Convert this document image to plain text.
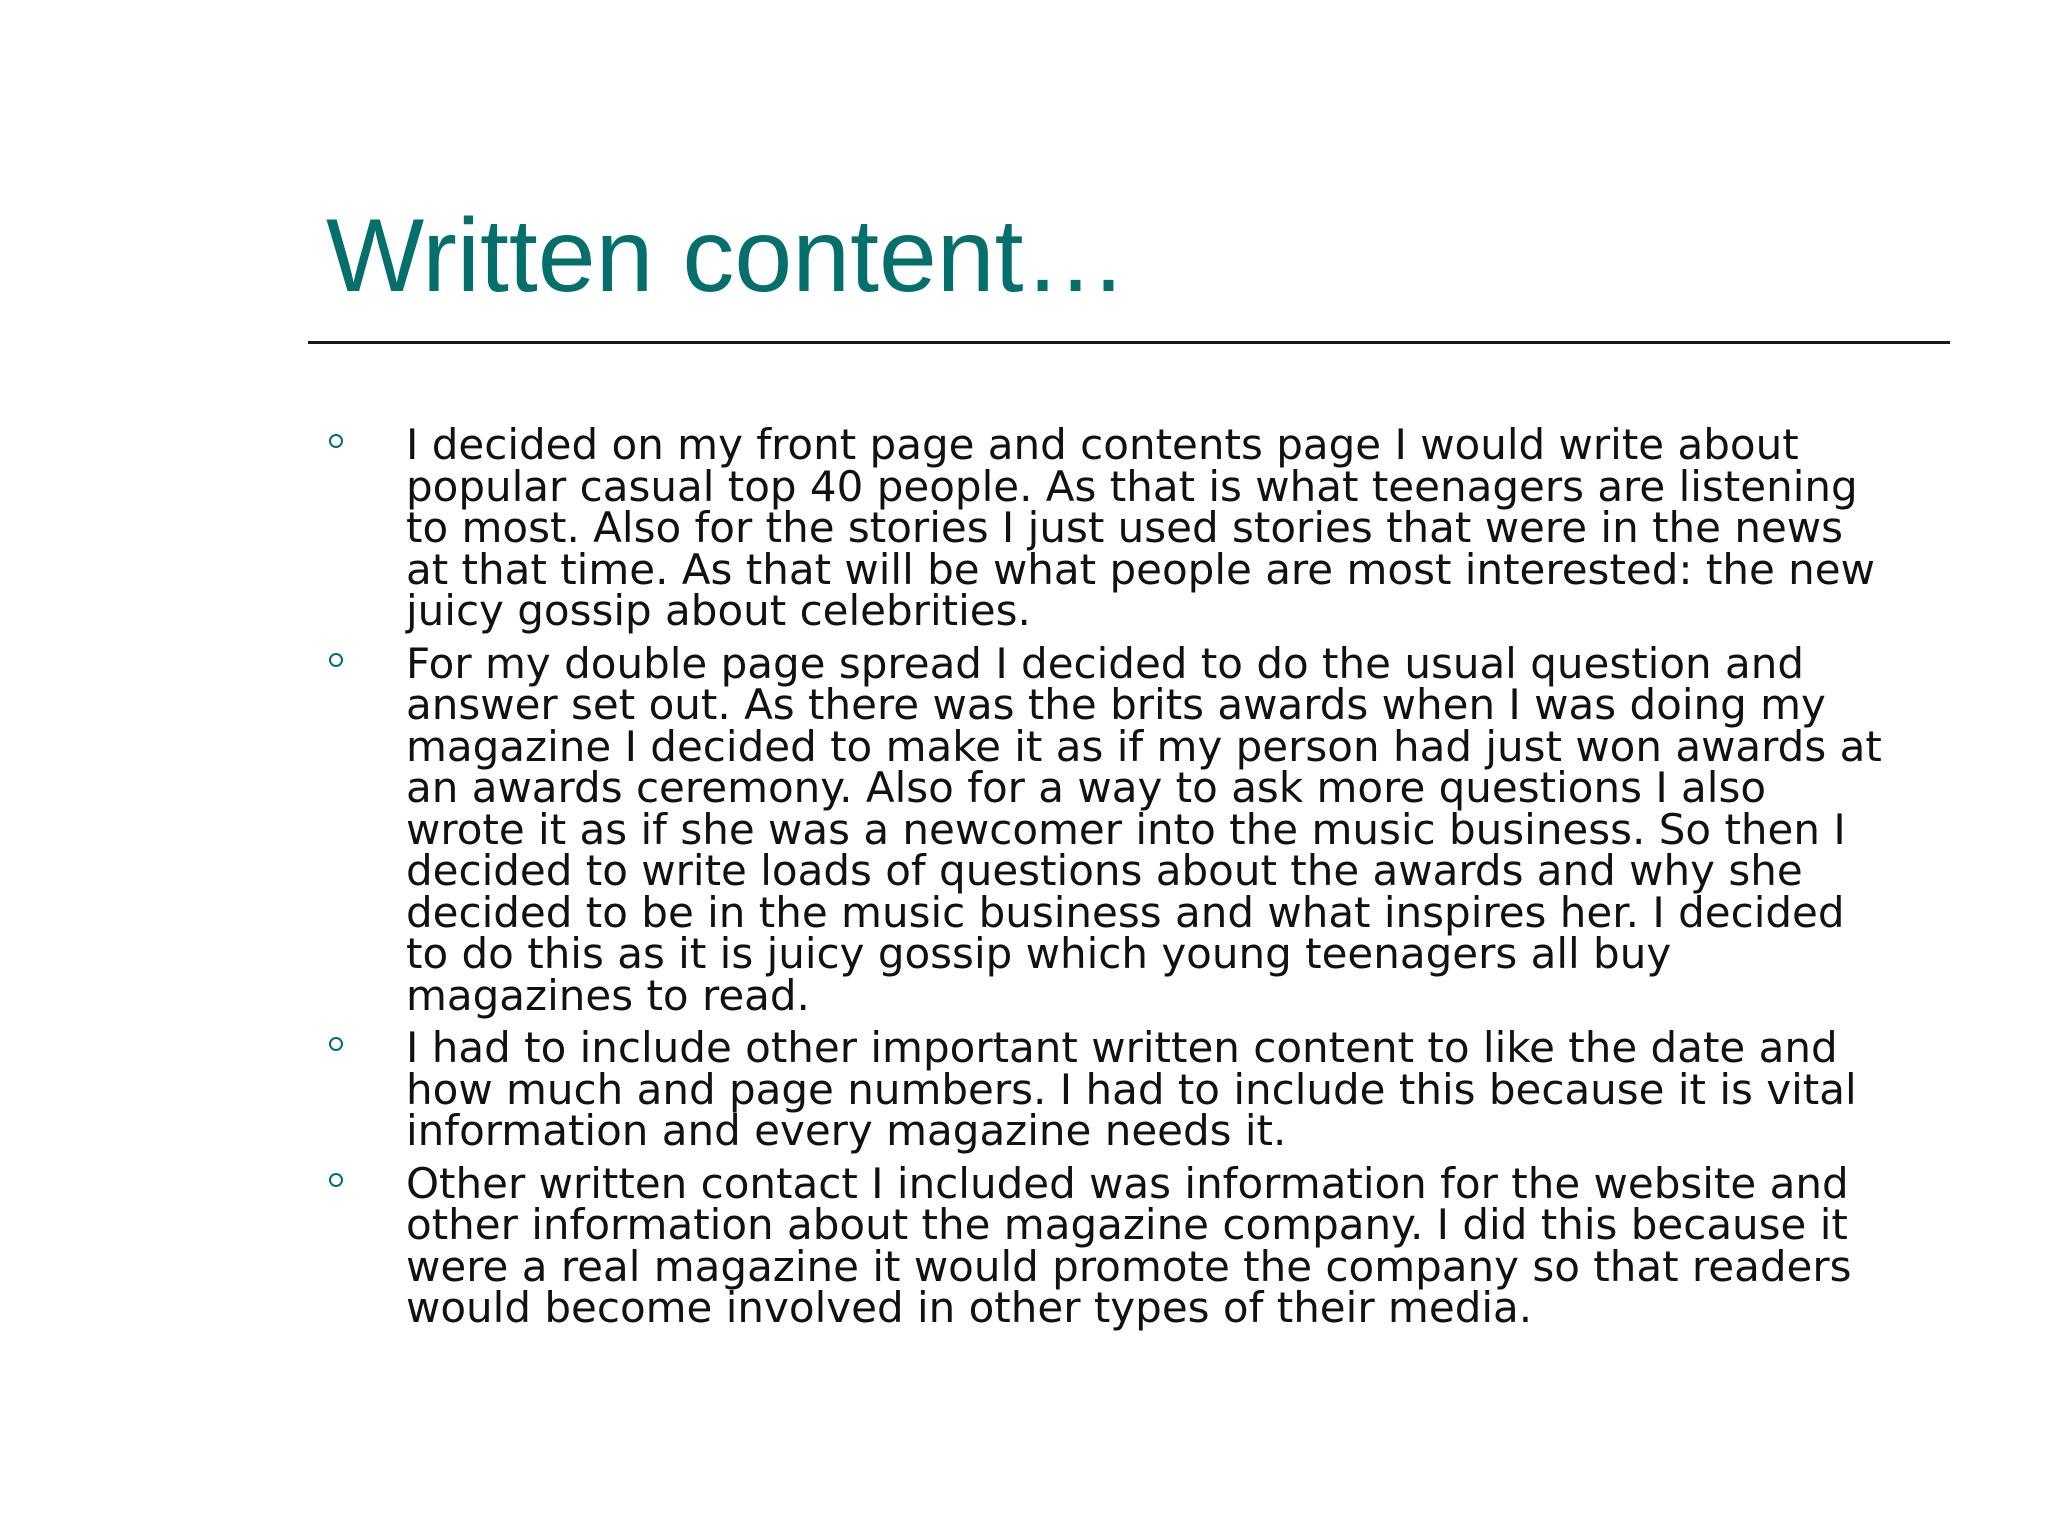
Written content…
I decided on my front page and contents page I would write about
popular casual top 40 people. As that is what teenagers are listening
to most. Also for the stories I just used stories that were in the news
at that time. As that will be what people are most interested: the new
juicy gossip about celebrities.
For my double page spread I decided to do the usual question and
answer set out. As there was the brits awards when I was doing my
magazine I decided to make it as if my person had just won awards at
an awards ceremony. Also for a way to ask more questions I also
wrote it as if she was a newcomer into the music business. So then I
decided to write loads of questions about the awards and why she
decided to be in the music business and what inspires her. I decided
to do this as it is juicy gossip which young teenagers all buy
magazines to read.
I had to include other important written content to like the date and
how much and page numbers. I had to include this because it is vital
information and every magazine needs it.
Other written contact I included was information for the website and
other information about the magazine company. I did this because it
were a real magazine it would promote the company so that readers
would become involved in other types of their media.
